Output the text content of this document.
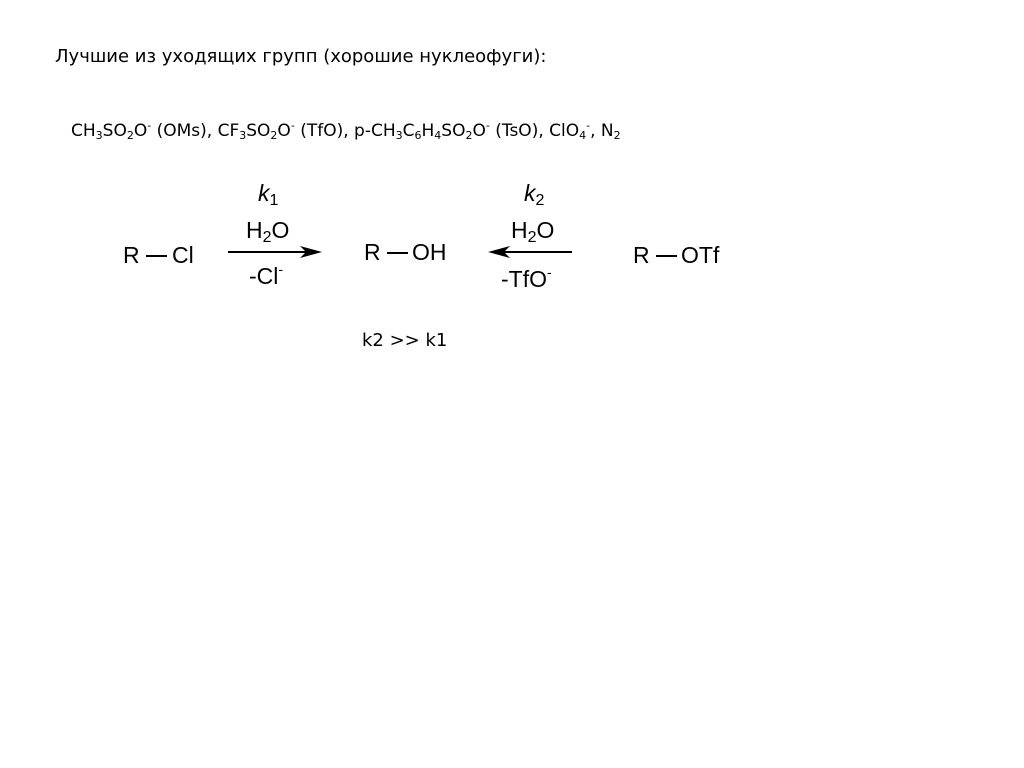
Лучшие из уходящих групп (хорошие нуклеофуги):
$CH_3SO_2O^-$ (OMs), $CF_3SO_2O^-$ (TfO), $p-CH_3C_6H_4SO_2O^-$ (TsO), ClO$_4$-, $N_2$
R Cl
$k_1$
$H_2O$
-Cl-
R OH
$k_2$
$H_2O$
-TfO-
R OTf
k2 >> k1
